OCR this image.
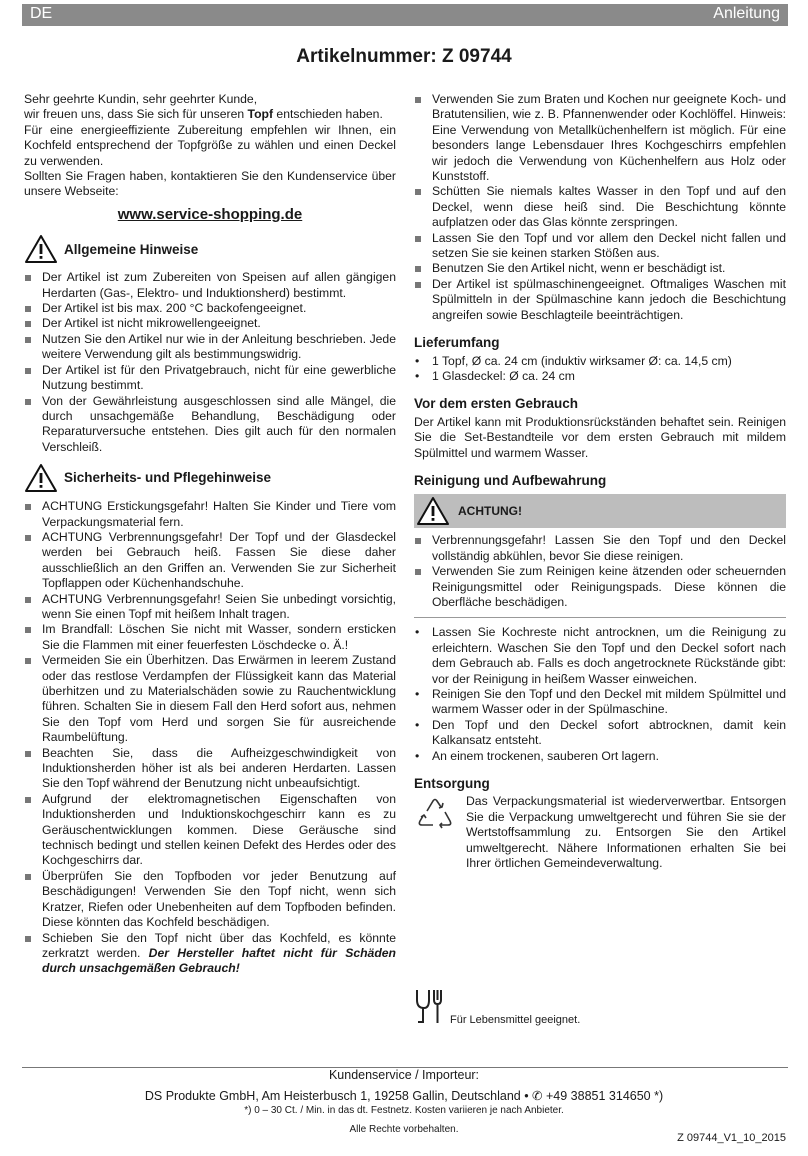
DE	Anleitung
Artikelnummer: Z 09744

Sehr geehrte Kundin, sehr geehrter Kunde,

wir freuen uns, dass Sie sich für unseren Topf entschieden haben.

Für eine energieeffiziente Zubereitung empfehlen wir Ihnen, ein Kochfeld entsprechend der Topfgröße zu wählen und einen Deckel zu verwenden.

Sollten Sie Fragen haben, kontaktieren Sie den Kundenservice über unsere Webseite:

www.service-shopping.de
Allgemeine Hinweise
Der Artikel ist zum Zubereiten von Speisen auf allen gängigen Herdarten (Gas-, Elektro- und Induktionsherd) bestimmt.
Der Artikel ist bis max. 200 °C backofengeeignet.
Der Artikel ist nicht mikrowellengeeignet.
Nutzen Sie den Artikel nur wie in der Anleitung beschrieben. Jede weitere Verwendung gilt als bestimmungswidrig.
Der Artikel ist für den Privatgebrauch, nicht für eine gewerbliche Nutzung bestimmt.
Von der Gewährleistung ausgeschlossen sind alle Mängel, die durch unsachgemäße Behandlung, Beschädigung oder Reparaturversuche entstehen. Dies gilt auch für den normalen Verschleiß.
Sicherheits- und Pflegehinweise
ACHTUNG Erstickungsgefahr! Halten Sie Kinder und Tiere vom Verpackungsmaterial fern.
ACHTUNG Verbrennungsgefahr! Der Topf und der Glasdeckel werden bei Gebrauch heiß. Fassen Sie diese daher ausschließlich an den Griffen an. Verwenden Sie zur Sicherheit Topflappen oder Küchenhandschuhe.
ACHTUNG Verbrennungsgefahr! Seien Sie unbedingt vorsichtig, wenn Sie einen Topf mit heißem Inhalt tragen.
Im Brandfall: Löschen Sie nicht mit Wasser, sondern ersticken Sie die Flammen mit einer feuerfesten Löschdecke o. Ä.!
Vermeiden Sie ein Überhitzen. Das Erwärmen in leerem Zustand oder das restlose Verdampfen der Flüssigkeit kann das Material überhitzen und zu Materialschäden sowie zu Rauchentwicklung führen. Schalten Sie in diesem Fall den Herd sofort aus, nehmen Sie den Topf vom Herd und sorgen Sie für ausreichende Raumbelüftung.
Beachten Sie, dass die Aufheizgeschwindigkeit von Induktionsherden höher ist als bei anderen Herdarten. Lassen Sie den Topf während der Benutzung nicht unbeaufsichtigt.
Aufgrund der elektromagnetischen Eigenschaften von Induktionsherden und Induktionskochgeschirr kann es zu Geräuschentwicklungen kommen. Diese Geräusche sind technisch bedingt und stellen keinen Defekt des Herdes oder des Kochgeschirrs dar.
Überprüfen Sie den Topfboden vor jeder Benutzung auf Beschädigungen! Verwenden Sie den Topf nicht, wenn sich Kratzer, Riefen oder Unebenheiten auf dem Topfboden befinden. Diese könnten das Kochfeld beschädigen.
Schieben Sie den Topf nicht über das Kochfeld, es könnte zerkratzt werden. Der Hersteller haftet nicht für Schäden durch unsachgemäßen Gebrauch!
Verwenden Sie zum Braten und Kochen nur geeignete Koch- und Bratutensilien, wie z. B. Pfannenwender oder Kochlöffel. Hinweis: Eine Verwendung von Metallküchenhelfern ist möglich. Für eine besonders lange Lebensdauer Ihres Kochgeschirrs empfehlen wir jedoch die Verwendung von Küchenhelfern aus Holz oder Kunststoff.
Schütten Sie niemals kaltes Wasser in den Topf und auf den Deckel, wenn diese heiß sind. Die Beschichtung könnte aufplatzen oder das Glas könnte zerspringen.
Lassen Sie den Topf und vor allem den Deckel nicht fallen und setzen Sie sie keinen starken Stößen aus.
Benutzen Sie den Artikel nicht, wenn er beschädigt ist.
Der Artikel ist spülmaschinengeeignet. Oftmaliges Waschen mit Spülmitteln in der Spülmaschine kann jedoch die Beschichtung angreifen sowie Beschlagteile beeinträchtigen.
Lieferumfang
• 1 Topf, Ø ca. 24 cm (induktiv wirksamer Ø: ca. 14,5 cm)
• 1 Glasdeckel: Ø ca. 24 cm
Vor dem ersten Gebrauch

Der Artikel kann mit Produktionsrückständen behaftet sein. Reinigen Sie die Set-Bestandteile vor dem ersten Gebrauch mit mildem Spülmittel und warmem Wasser.

Reinigung und Aufbewahrung
ACHTUNG!
Verbrennungsgefahr! Lassen Sie den Topf und den Deckel vollständig abkühlen, bevor Sie diese reinigen.
Verwenden Sie zum Reinigen keine ätzenden oder scheuernden Reinigungsmittel oder Reinigungspads. Diese können die Oberfläche beschädigen.
• Lassen Sie Kochreste nicht antrocknen, um die Reinigung zu erleichtern. Waschen Sie den Topf und den Deckel sofort nach dem Gebrauch ab. Falls es doch angetrocknete Rückstände gibt: vor der Reinigung in heißem Wasser einweichen.
• Reinigen Sie den Topf und den Deckel mit mildem Spülmittel und warmem Wasser oder in der Spülmaschine.
• Den Topf und den Deckel sofort abtrocknen, damit kein Kalkansatz entsteht.
• An einem trockenen, sauberen Ort lagern.
Entsorgung

Das Verpackungsmaterial ist wiederverwertbar. Entsorgen Sie die Verpackung umweltgerecht und führen Sie sie der Wertstoffsammlung zu. Entsorgen Sie den Artikel umweltgerecht. Nähere Informationen erhalten Sie bei Ihrer örtlichen Gemeindeverwaltung.

Für Lebensmittel geeignet.
Kundenservice / Importeur:
DS Produkte GmbH, Am Heisterbusch 1, 19258 Gallin, Deutschland • ✆ +49 38851 314650 *)
*) 0 – 30 Ct. / Min. in das dt. Festnetz. Kosten variieren je nach Anbieter.
Alle Rechte vorbehalten.
Z 09744_V1_10_2015
